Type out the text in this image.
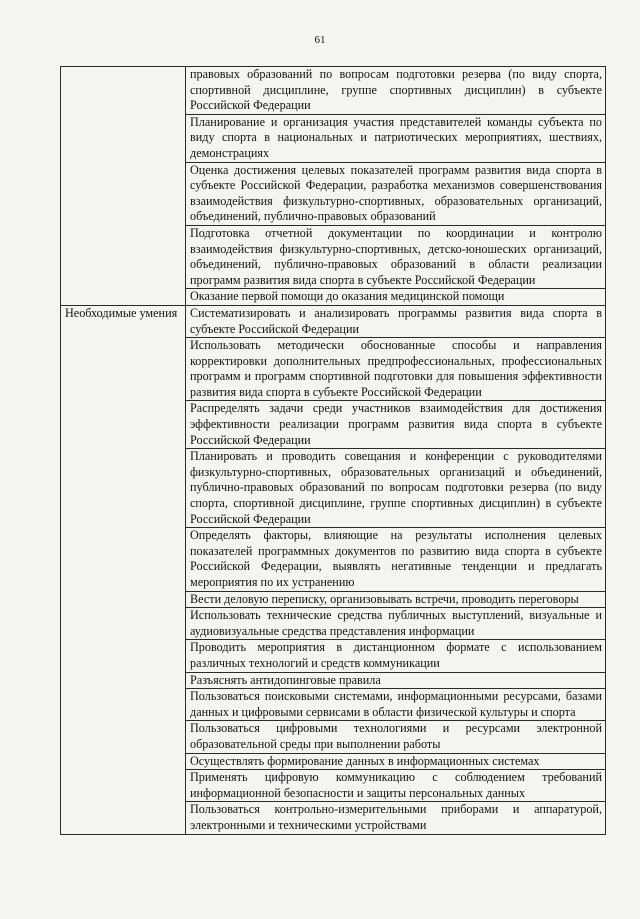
61
	правовых образований по вопросам подготовки резерва (по виду спорта, спортивной дисциплине, группе спортивных дисциплин) в субъекте Российской Федерации
	Планирование и организация участия представителей команды субъекта по виду спорта в национальных и патриотических мероприятиях, шествиях, демонстрациях
	Оценка достижения целевых показателей программ развития вида спорта в субъекте Российской Федерации, разработка механизмов совершенствования взаимодействия физкультурно-спортивных, образовательных организаций, объединений, публично-правовых образований
	Подготовка отчетной документации по координации и контролю взаимодействия физкультурно-спортивных, детско-юношеских организаций, объединений, публично-правовых образований в области реализации программ развития вида спорта в субъекте Российской Федерации
	Оказание первой помощи до оказания медицинской помощи
Необходимые умения	Систематизировать и анализировать программы развития вида спорта в субъекте Российской Федерации
	Использовать методически обоснованные способы и направления корректировки дополнительных предпрофессиональных, профессиональных программ и программ спортивной подготовки для повышения эффективности развития вида спорта в субъекте Российской Федерации
	Распределять задачи среди участников взаимодействия для достижения эффективности реализации программ развития вида спорта в субъекте Российской Федерации
	Планировать и проводить совещания и конференции с руководителями физкультурно-спортивных, образовательных организаций и объединений, публично-правовых образований по вопросам подготовки резерва (по виду спорта, спортивной дисциплине, группе спортивных дисциплин) в субъекте Российской Федерации
	Определять факторы, влияющие на результаты исполнения целевых показателей программных документов по развитию вида спорта в субъекте Российской Федерации, выявлять негативные тенденции и предлагать мероприятия по их устранению
	Вести деловую переписку, организовывать встречи, проводить переговоры
	Использовать технические средства публичных выступлений, визуальные и аудиовизуальные средства представления информации
	Проводить мероприятия в дистанционном формате с использованием различных технологий и средств коммуникации
	Разъяснять антидопинговые правила
	Пользоваться поисковыми системами, информационными ресурсами, базами данных и цифровыми сервисами в области физической культуры и спорта
	Пользоваться цифровыми технологиями и ресурсами электронной образовательной среды при выполнении работы
	Осуществлять формирование данных в информационных системах
	Применять цифровую коммуникацию с соблюдением требований информационной безопасности и защиты персональных данных
	Пользоваться контрольно-измерительными приборами и аппаратурой, электронными и техническими устройствами
